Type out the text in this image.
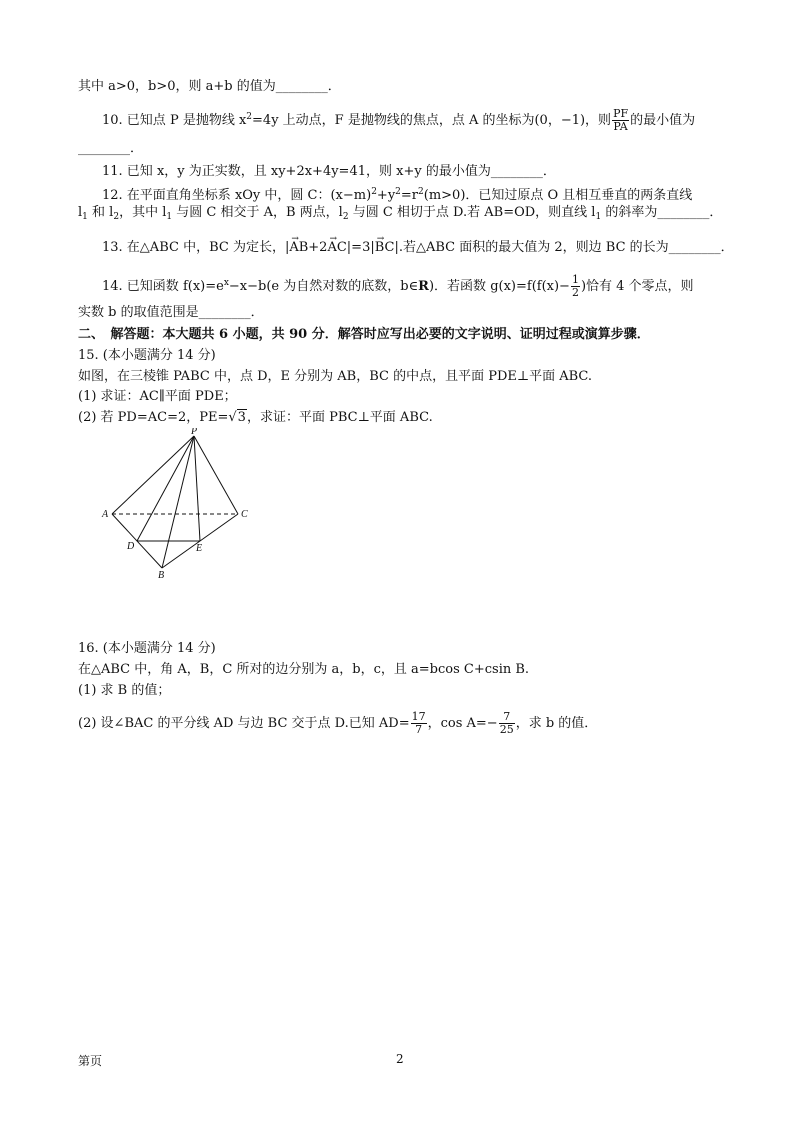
其中 a>0，b>0，则 a+b 的值为________．
10. 已知点 P 是抛物线 $x^2=4y$ 上动点，F 是抛物线的焦点，点 A 的坐标为(0，−1)，则 $\frac{PF}{PA}$ 的最小值为
________．
11. 已知 x，y 为正实数，且 xy+2x+4y=41，则 x+y 的最小值为________．
12. 在平面直角坐标系 xOy 中，圆 C：$(x-m)^2+y^2=r^2(m>0)$．已知过原点 O 且相互垂直的两条直线
$l_1$ 和 $l_2$，其中 $l_1$ 与圆 C 相交于 A，B 两点，$l_2$ 与圆 C 相切于点 D.若 AB=OD，则直线 $l_1$ 的斜率为________．
13. 在△ABC 中，BC 为定长，|→ AB+2→ AC|=3|→ BC|.若△ABC 面积的最大值为 2，则边 BC 的长为________．
14. 已知函数 $f(x)=e^x-x-b(e$ 为自然对数的底数，b∈R)．若函数 $g(x)=f(f(x)- \frac{1}{2}$ )恰有 4 个零点，则
实数 b 的取值范围是________．
二、　解答题：本大题共 6 小题，共 90 分．解答时应写出必要的文字说明、证明过程或演算步骤．
15. (本小题满分 14 分)
如图，在三棱锥 PABC 中，点 D，E 分别为 AB，BC 的中点，且平面 PDE⊥平面 ABC.
(1) 求证：AC∥平面 PDE；
(2) 若 PD=AC=2，PE=√3，求证：平面 PBC⊥平面 ABC.
P
A	C
D	E
B
16. (本小题满分 14 分)
在△ABC 中，角 A，B，C 所对的边分别为 a，b，c，且 a=bcos C+csin B.
(1) 求 B 的值；
(2) 设∠BAC 的平分线 AD 与边 BC 交于点 D.已知 $AD= \frac{17}{7}$ ，$\cos A=- \frac{7}{25}$ ，求 b 的值．
第页	2
